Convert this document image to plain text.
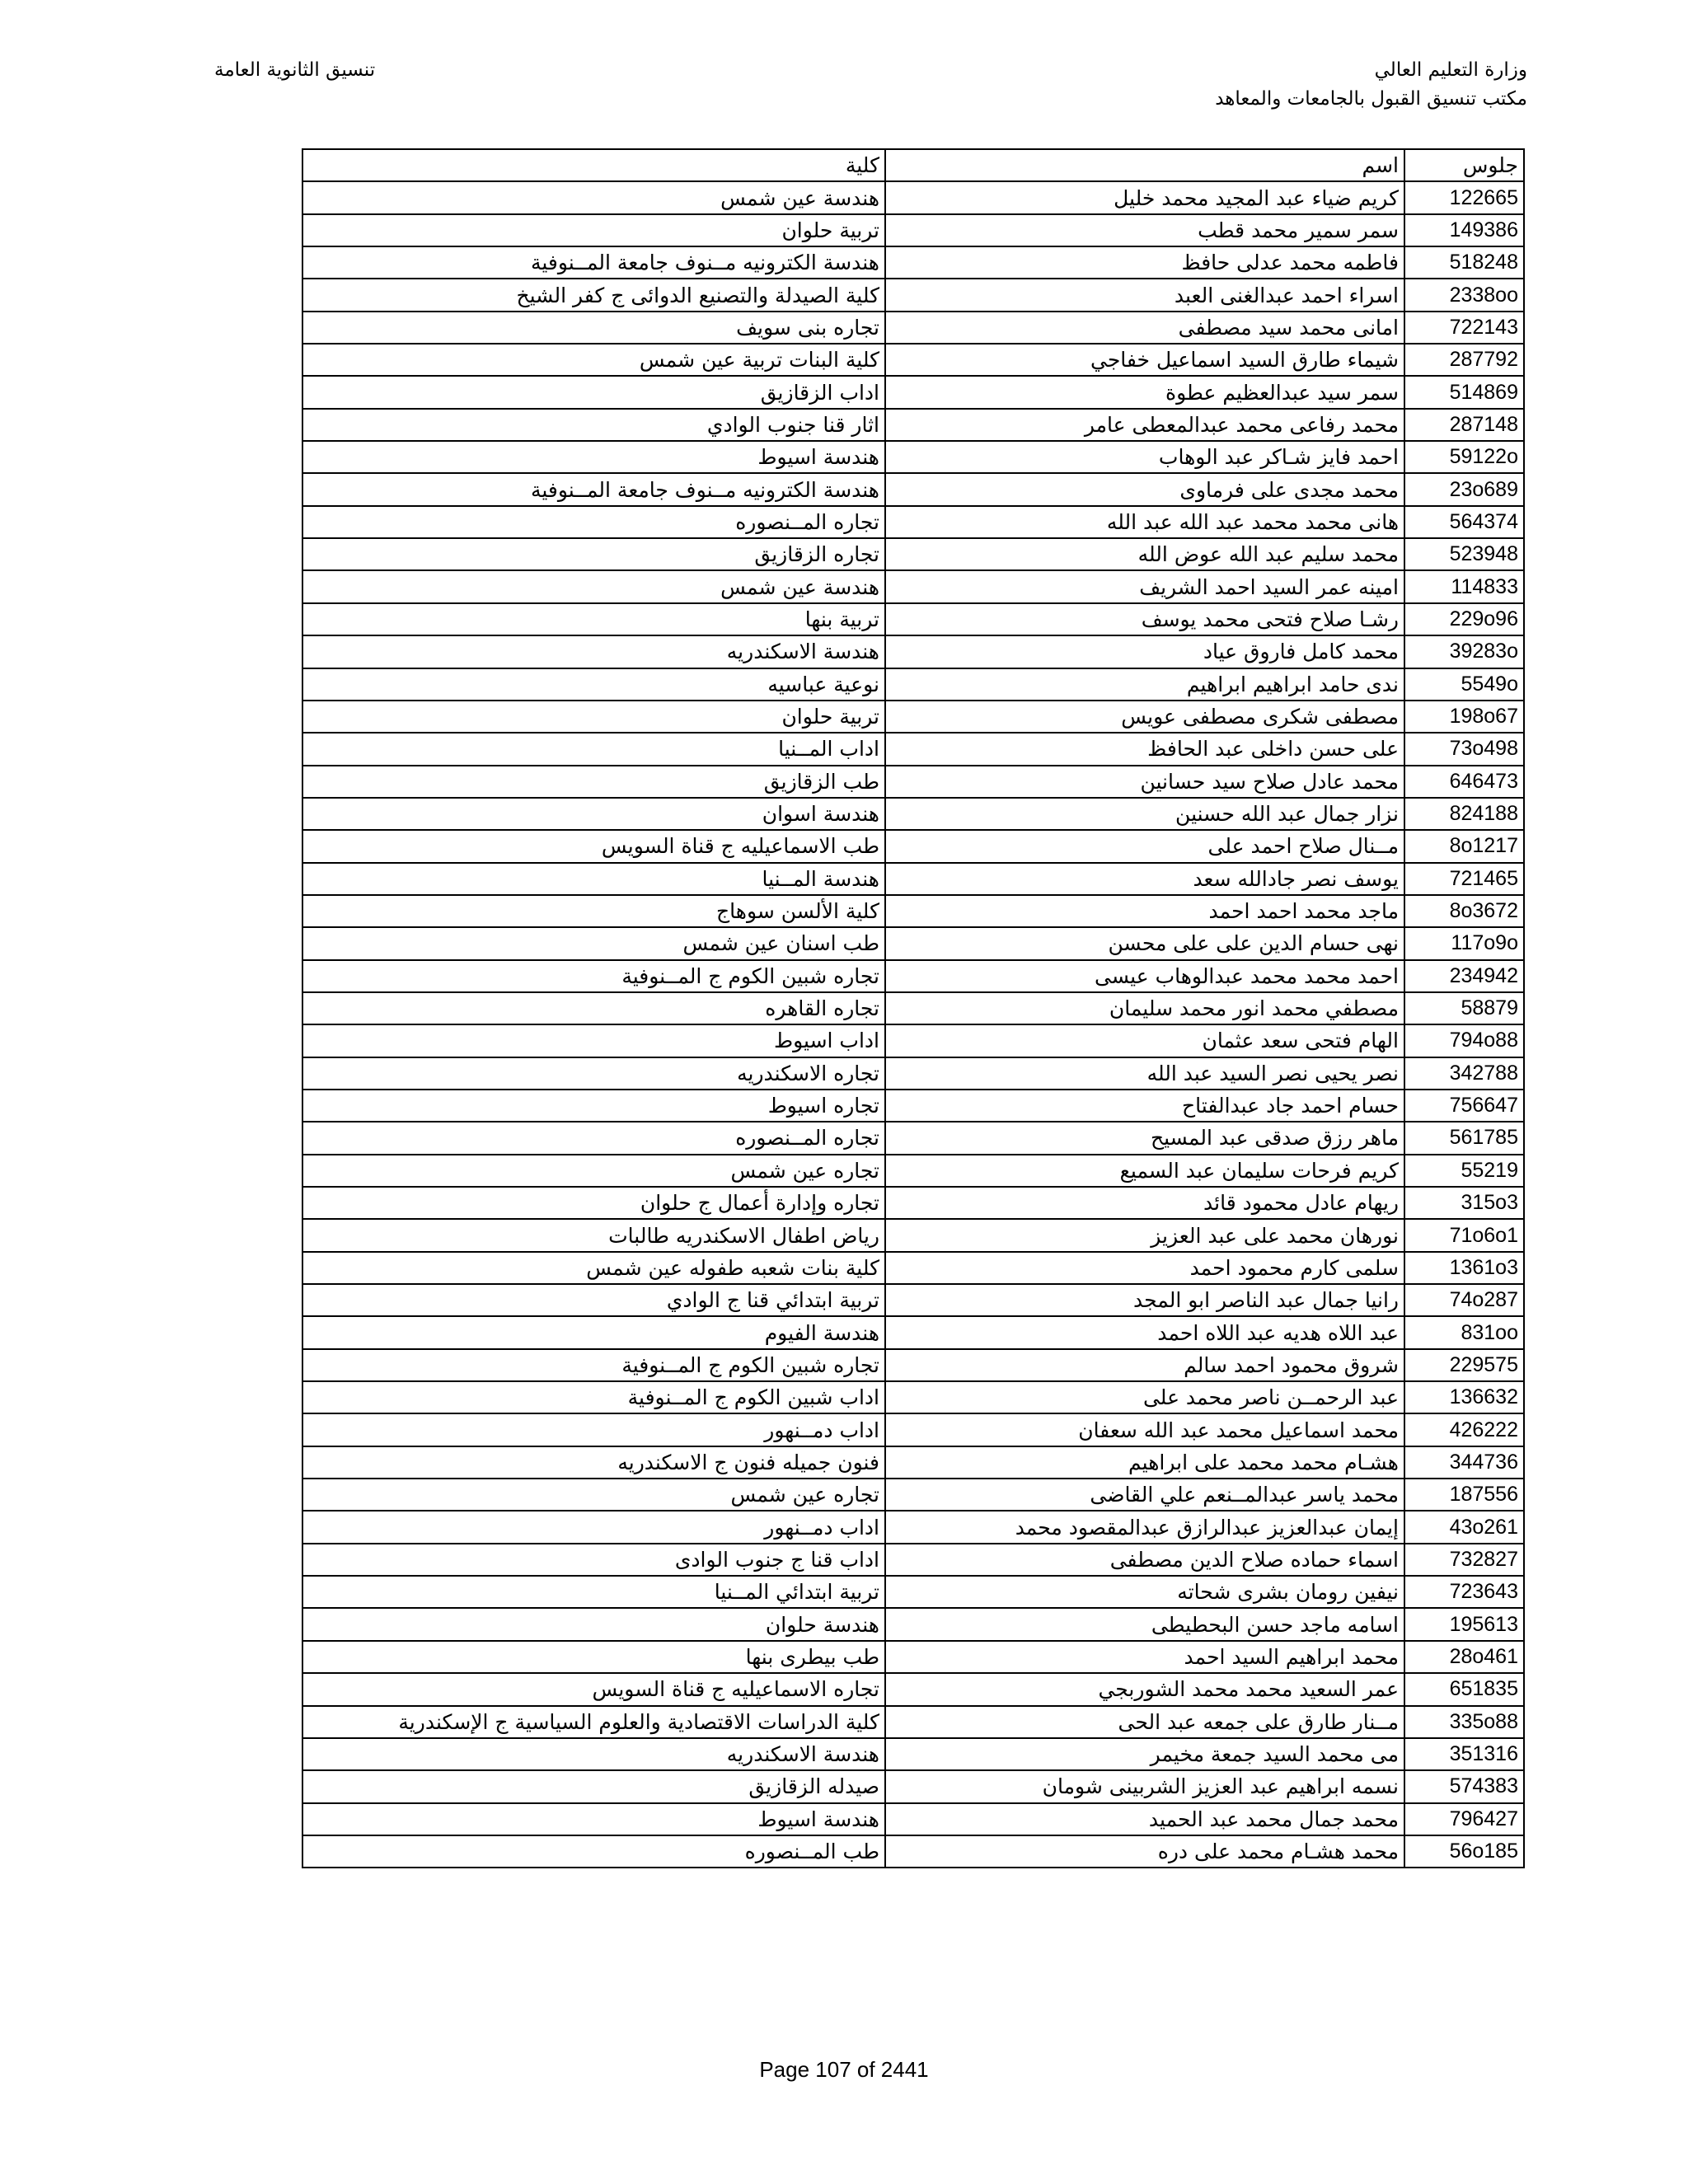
وزارة التعليم العالي
مكتب تنسيق القبول بالجامعات والمعاهد
تنسيق الثانوية العامة
جلوس	اسم	كلية
122665	كريم ضياء عبد المجيد محمد خليل	هندسة عين شمس
149386	سمر سمير محمد قطب	تربية حلوان
518248	فاطمه محمد عدلى حافظ	هندسة الكترونيه مــنوف جامعة المــنوفية
2338oo	اسراء احمد عبدالغنى العبد	كلية الصيدلة والتصنيع الدوائى ج كفر الشيخ
722143	امانى محمد سيد مصطفى	تجاره بنى سويف
287792	شيماء طارق السيد اسماعيل خفاجي	كلية البنات تربية عين شمس
514869	سمر سيد عبدالعظيم عطوة	اداب الزقازيق
287148	محمد رفاعى محمد عبدالمعطى عامر	اثار قنا جنوب الوادي
59122o	احمد فايز شـاكر عبد الوهاب	هندسة اسيوط
23o689	محمد مجدى على فرماوى	هندسة الكترونيه مــنوف جامعة المــنوفية
564374	هانى محمد محمد عبد الله عبد الله	تجاره المــنصوره
523948	محمد سليم عبد الله عوض الله	تجاره الزقازيق
114833	امينه عمر السيد احمد الشريف	هندسة عين شمس
229o96	رشـا صلاح فتحى محمد يوسف	تربية بنها
39283o	محمد كامل فاروق عياد	هندسة الاسكندريه
5549o	ندى حامد ابراهيم ابراهيم	نوعية عباسيه
198o67	مصطفى شكرى مصطفى عويس	تربية حلوان
73o498	على حسن داخلى عبد الحافظ	اداب المــنيا
646473	محمد عادل صلاح سيد حسانين	طب الزقازيق
824188	نزار جمال عبد الله حسنين	هندسة اسوان
8o1217	مــنال صلاح احمد على	طب الاسماعيليه ج قناة السويس
721465	يوسف نصر جادالله سعد	هندسة المــنيا
8o3672	ماجد محمد احمد احمد	كلية الألسن سوهاج
117o9o	نهى حسام الدين على على محسن	طب اسنان عين شمس
234942	احمد محمد محمد عبدالوهاب عيسى	تجاره شبين الكوم ج المــنوفية
58879	مصطفي محمد انور محمد سليمان	تجاره القاهره
794o88	الهام فتحى سعد عثمان	اداب اسيوط
342788	نصر يحيى نصر السيد عبد الله	تجاره الاسكندريه
756647	حسام احمد جاد عبدالفتاح	تجاره اسيوط
561785	ماهر رزق صدقى عبد المسيح	تجاره المــنصوره
55219	كريم فرحات سليمان عبد السميع	تجاره عين شمس
315o3	ريهام عادل محمود قائد	تجاره وإدارة أعمال ج حلوان
71o6o1	نورهان محمد على عبد العزيز	رياض اطفال الاسكندريه طالبات
1361o3	سلمى كارم محمود احمد	كلية بنات شعبه طفوله عين شمس
74o287	رانيا جمال عبد الناصر ابو المجد	تربية ابتدائي قنا ج الوادي
831oo	عبد اللاه هديه عبد اللاه احمد	هندسة الفيوم
229575	شروق محمود احمد سالم	تجاره شبين الكوم ج المــنوفية
136632	عبد الرحمــن ناصر محمد على	اداب شبين الكوم ج المــنوفية
426222	محمد اسماعيل محمد عبد الله سعفان	اداب دمــنهور
344736	هشـام محمد محمد على ابراهيم	فنون جميله فنون ج الاسكندريه
187556	محمد ياسر عبدالمــنعم علي القاضى	تجاره عين شمس
43o261	إيمان عبدالعزيز عبدالرازق عبدالمقصود محمد	اداب دمــنهور
732827	اسماء حماده صلاح الدين مصطفى	اداب قنا ج جنوب الوادى
723643	نيفين رومان بشرى شحاته	تربية ابتدائي المــنيا
195613	اسامه ماجد حسن البحطيطى	هندسة حلوان
28o461	محمد ابراهيم السيد احمد	طب بيطرى بنها
651835	عمر السعيد محمد محمد الشوربجي	تجاره الاسماعيليه ج قناة السويس
335o88	مــنار طارق على جمعه عبد الحى	كلية الدراسات الاقتصادية والعلوم السياسية ج الإسكندرية
351316	مى محمد السيد جمعة مخيمر	هندسة الاسكندريه
574383	نسمه ابراهيم عبد العزيز الشربينى شومان	صيدله الزقازيق
796427	محمد جمال محمد عبد الحميد	هندسة اسيوط
56o185	محمد هشـام محمد على دره	طب المــنصوره
Page 107 of 2441
